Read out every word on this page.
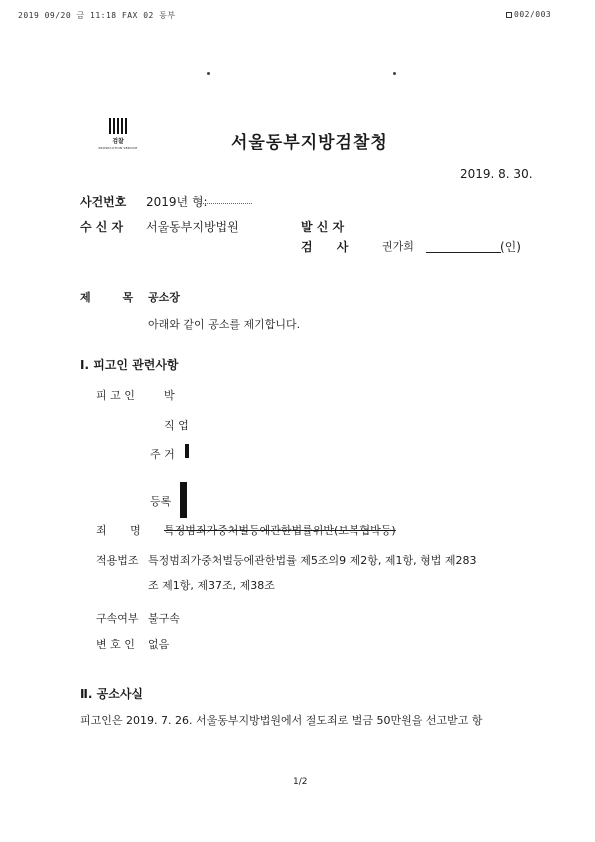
2019 09/20 금 11:18 FAX 02 동부	002/003
검찰
PROSECUTION SERVICE	서울동부지방검찰청
2019. 8. 30.
사건번호 2019년 형:
수 신 자 서울동부지방법원	발 신 자
검 사 권가희	(인)
제 목 공소장
아래와 같이 공소를 제기합니다.
Ⅰ. 피고인 관련사항
피 고 인	박
직 업
주 거
등록
죄 명 특정범죄가중처벌등에관한법률위반(보복협박등)
적용법조 특정범죄가중처벌등에관한법률 제5조의9 제2항, 제1항, 형법 제283
조 제1항, 제37조, 제38조
구속여부 불구속
변 호 인 없음
Ⅱ. 공소사실
피고인은 2019. 7. 26. 서울동부지방법원에서 절도죄로 벌금 50만원을 선고받고 항
1/2
